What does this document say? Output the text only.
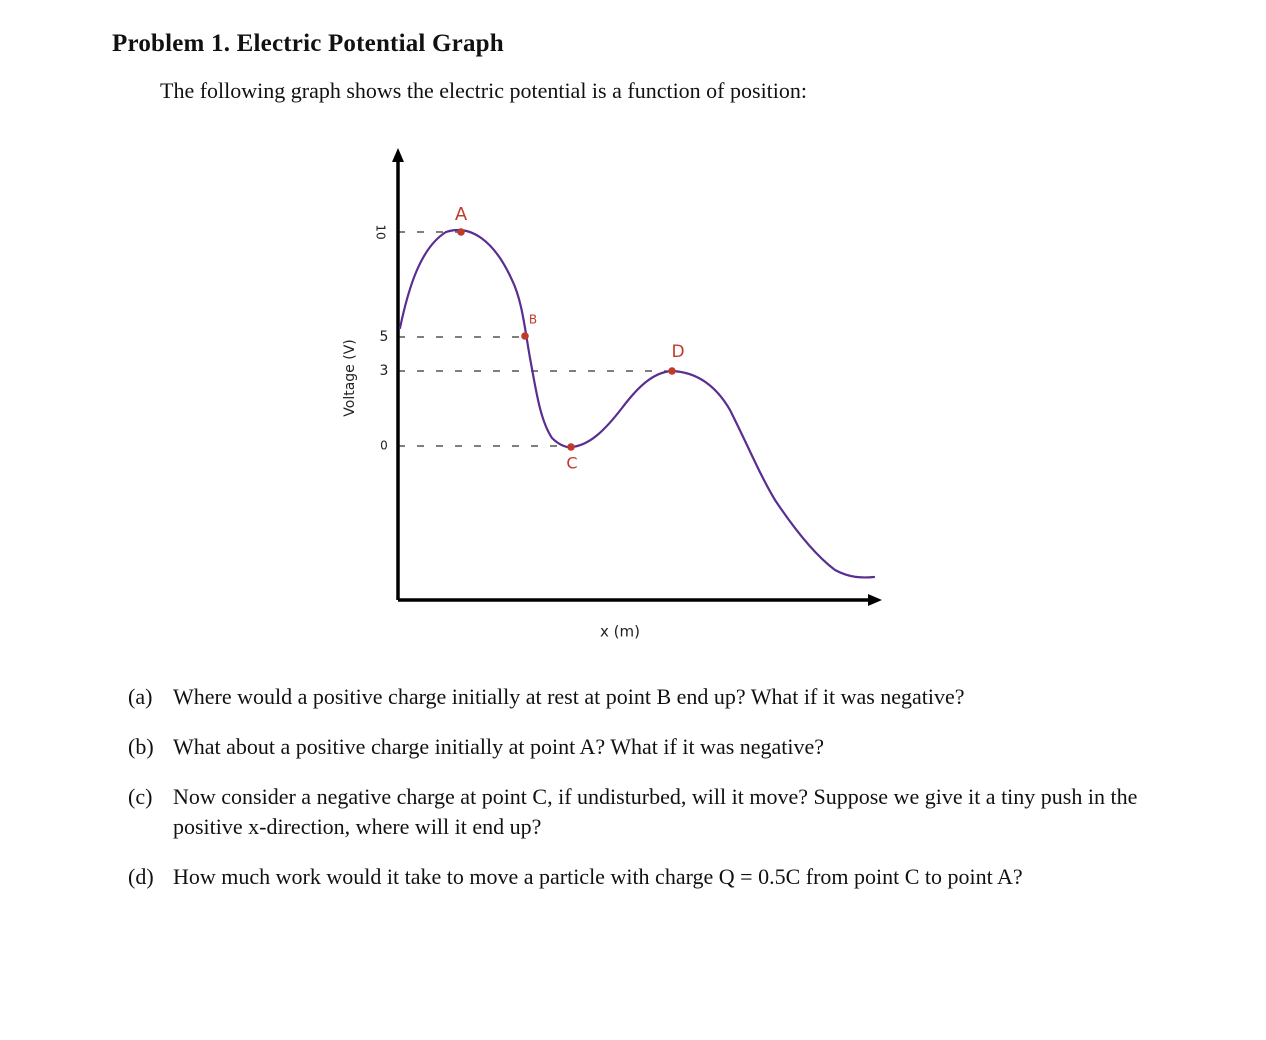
Problem 1. Electric Potential Graph
The following graph shows the electric potential is a function of position:
10
5
3
0
Voltage (V)
x (m)
A
B
C
D
(a) Where would a positive charge initially at rest at point B end up? What if it was negative?
(b) What about a positive charge initially at point A? What if it was negative?
(c) Now consider a negative charge at point C, if undisturbed, will it move? Suppose we give it a tiny push in the positive x-direction, where will it end up?
(d) How much work would it take to move a particle with charge Q = 0.5C from point C to point A?
